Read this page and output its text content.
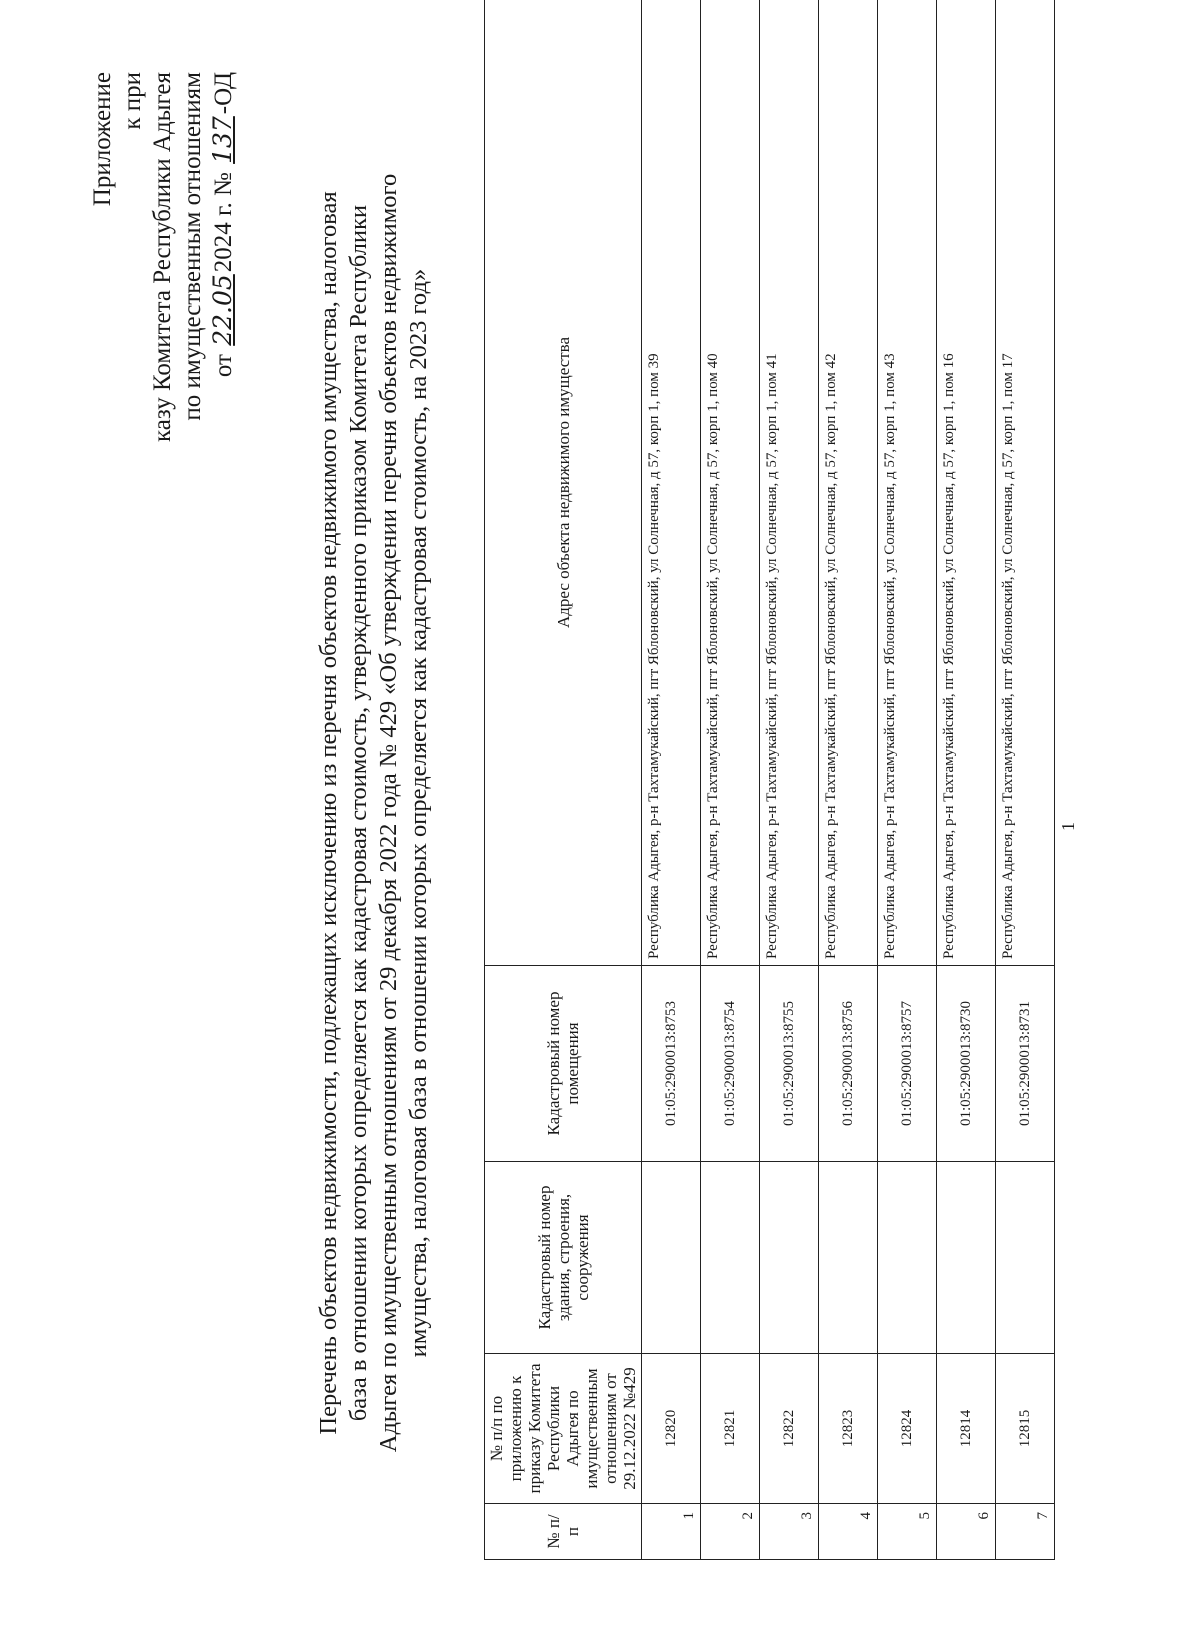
Приложение к при казу Комитета Республики Адыгея по имущественным отношениям от 22.052024 г. № 137-ОД
Перечень объектов недвижимости, подлежащих исключению из перечня объектов недвижимого имущества, налоговая база в отношении которых определяется как кадастровая стоимость, утвержденного приказом Комитета Республики Адыгея по имущественным отношениям от 29 декабря 2022 года № 429 «Об утверждении перечня объектов недвижимого имущества, налоговая база в отношении которых определяется как кадастровая стоимость, на 2023 год»
№ п/п	№ п/п по приложению к приказу Комитета Республики Адыгея по имущественным отношениям от 29.12.2022 №429	Кадастровый номер здания, строения, сооружения	Кадастровый номер помещения	Адрес объекта недвижимого имущества
1	12820		01:05:2900013:8753	Республика Адыгея, р-н Тахтамукайский, пгт Яблоновский, ул Солнечная, д 57, корп 1, пом 39
2	12821		01:05:2900013:8754	Республика Адыгея, р-н Тахтамукайский, пгт Яблоновский, ул Солнечная, д 57, корп 1, пом 40
3	12822		01:05:2900013:8755	Республика Адыгея, р-н Тахтамукайский, пгт Яблоновский, ул Солнечная, д 57, корп 1, пом 41
4	12823		01:05:2900013:8756	Республика Адыгея, р-н Тахтамукайский, пгт Яблоновский, ул Солнечная, д 57, корп 1, пом 42
5	12824		01:05:2900013:8757	Республика Адыгея, р-н Тахтамукайский, пгт Яблоновский, ул Солнечная, д 57, корп 1, пом 43
6	12814		01:05:2900013:8730	Республика Адыгея, р-н Тахтамукайский, пгт Яблоновский, ул Солнечная, д 57, корп 1, пом 16
7	12815		01:05:2900013:8731	Республика Адыгея, р-н Тахтамукайский, пгт Яблоновский, ул Солнечная, д 57, корп 1, пом 17 1
